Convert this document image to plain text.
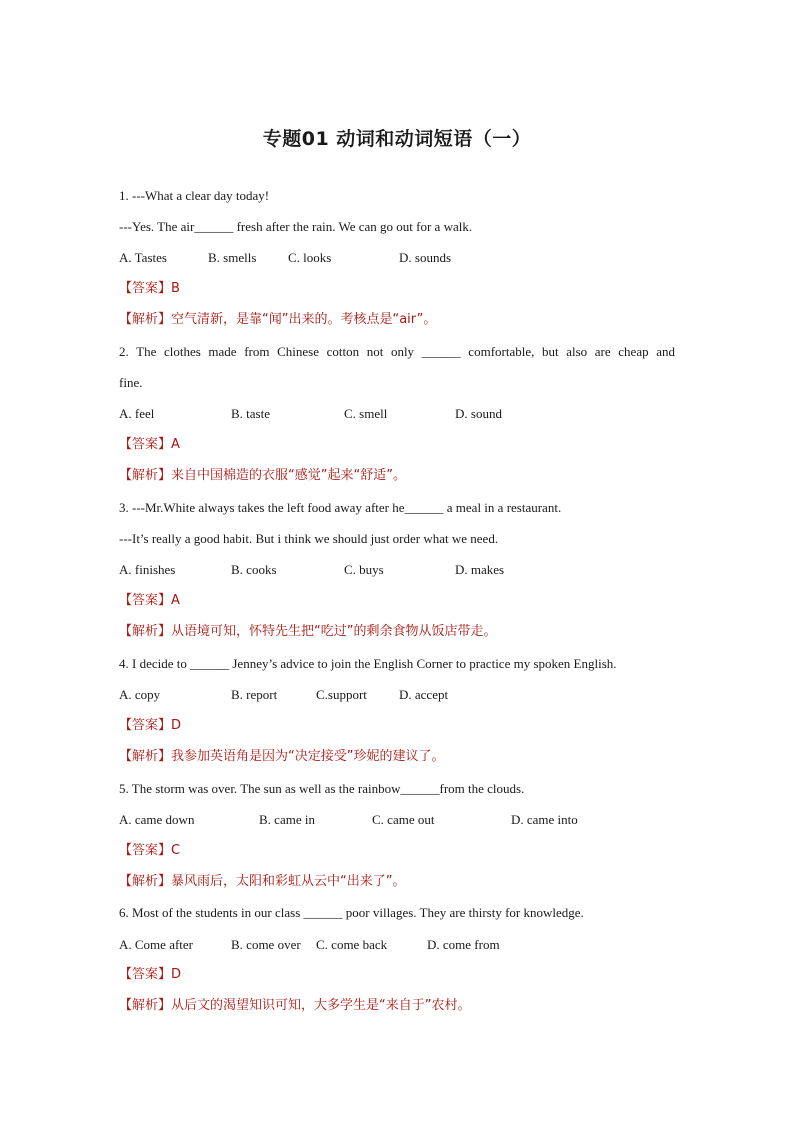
专题01 动词和动词短语（一）
1. ---What a clear day today!
---Yes. The air______ fresh after the rain. We can go out for a walk.
A. Tastes	B. smells C. looks	D. sounds
【答案】B
【解析】空气清新，是靠“闻”出来的。考核点是“air”。
2. The clothes made from Chinese cotton not only ______ comfortable, but also are cheap and
fine.
A. feel	B. taste	C. smell	D. sound
【答案】A
【解析】来自中国棉造的衣服“感觉”起来“舒适”。
3. ---Mr.White always takes the left food away after he______ a meal in a restaurant.
---It’s really a good habit. But i think we should just order what we need.
A. finishes	B. cooks	C. buys	D. makes
【答案】A
【解析】从语境可知，怀特先生把“吃过”的剩余食物从饭店带走。
4. I decide to ______ Jenney’s advice to join the English Corner to practice my spoken English.
A. copy	B. report	C.support D. accept
【答案】D
【解析】我参加英语角是因为“决定接受”珍妮的建议了。
5. The storm was over. The sun as well as the rainbow______from the clouds.
A. came down	B. came in	C. came out	D. came into
【答案】C
【解析】暴风雨后，太阳和彩虹从云中“出来了”。
6. Most of the students in our class ______ poor villages. They are thirsty for knowledge.
A. Come after	B. come over C. come back	D. come from
【答案】D
【解析】从后文的渴望知识可知，大多学生是“来自于”农村。
